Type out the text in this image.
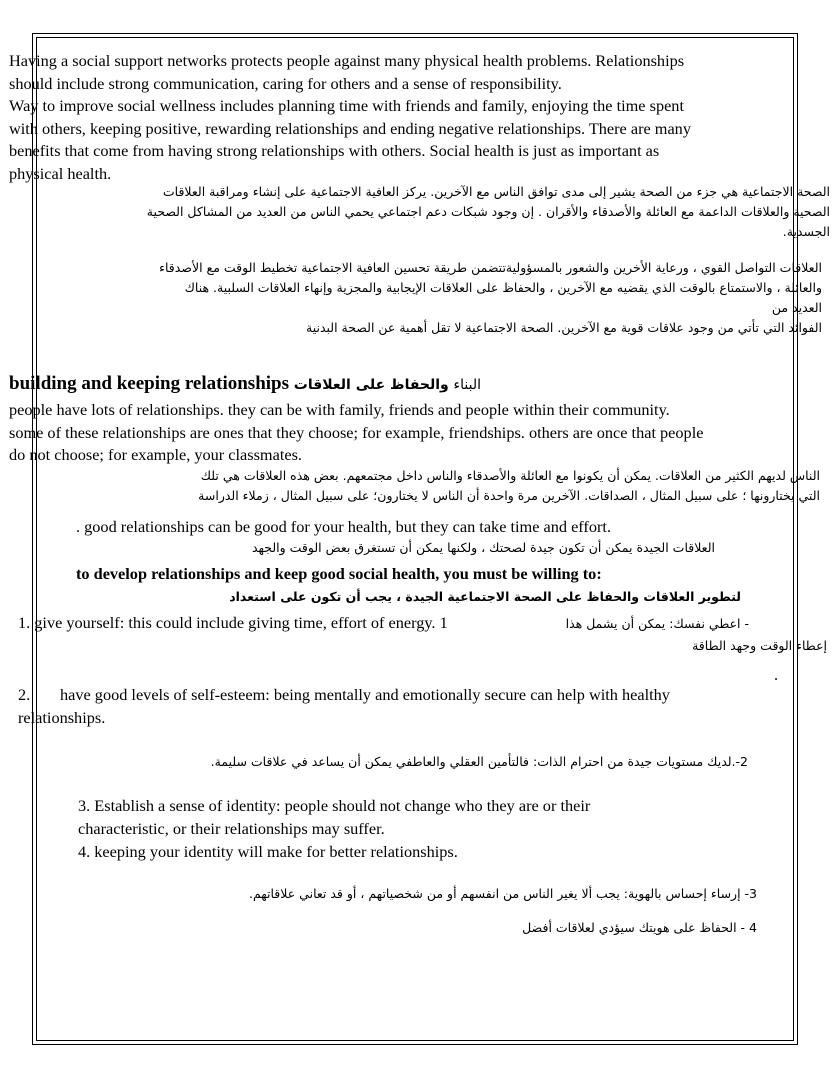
Having a social support networks protects people against many physical health problems. Relationships
should include strong communication, caring for others and a sense of responsibility.
Way to improve social wellness includes planning time with friends and family, enjoying the time spent
with others, keeping positive, rewarding relationships and ending negative relationships. There are many
benefits that come from having strong relationships with others. Social health is just as important as
physical health.
الصحة الاجتماعية هي جزء من الصحة يشير إلى مدى توافق الناس مع الآخرين. يركز العافية الاجتماعية على إنشاء ومراقبة العلاقات
الصحية والعلاقات الداعمة مع العائلة والأصدقاء والأقران . إن وجود شبكات دعم اجتماعي يحمي الناس من العديد من المشاكل الصحية
الجسدية.
العلاقات التواصل القوي ، ورعاية الأخرين والشعور بالمسؤوليةتتضمن طريقة تحسين العافية الاجتماعية تخطيط الوقت مع الأصدقاء
والعائلة ، والاستمتاع بالوقت الذي يقضيه مع الآخرين ، والحفاظ على العلاقات الإيجابية والمجزية وإنهاء العلاقات السلبية. هناك
العديد من
الفوائد التي تأتي من وجود علاقات قوية مع الآخرين. الصحة الاجتماعية لا تقل أهمية عن الصحة البدنية
building and keeping relationships والحفاظ على العلاقات البناء
people have lots of relationships. they can be with family, friends and people within their community.
some of these relationships are ones that they choose; for example, friendships. others are once that people
do not choose; for example, your classmates.
الناس لديهم الكثير من العلاقات. يمكن أن يكونوا مع العائلة والأصدقاء والناس داخل مجتمعهم. بعض هذه العلاقات هي تلك
التي يختارونها ؛ على سبيل المثال ، الصداقات. الآخرين مرة واحدة أن الناس لا يختارون؛ على سبيل المثال ، زملاء الدراسة
. good relationships can be good for your health, but they can take time and effort.
العلاقات الجيدة يمكن أن تكون جيدة لصحتك ، ولكنها يمكن أن تستغرق بعض الوقت والجهد
to develop relationships and keep good social health, you must be willing to:
لتطوير العلاقات والحفاظ على الصحة الاجتماعية الجيدة ، يجب أن تكون على استعداد
1. give yourself: this could include giving time, effort of energy. 1	- اعطي نفسك: يمكن أن يشمل هذا
إعطاء الوقت وجهد الطاقة
.
2.	have good levels of self-esteem: being mentally and emotionally secure can help with healthy
relationships.
2-.لديك مستويات جيدة من احترام الذات: فالتأمين العقلي والعاطفي يمكن أن يساعد في علاقات سليمة.
3. Establish a sense of identity: people should not change who they are or their
characteristic, or their relationships may suffer.
4. keeping your identity will make for better relationships.
3- إرساء إحساس بالهوية: يجب ألا يغير الناس من انفسهم أو من شخصياتهم ، أو قد تعاني علاقاتهم.
4 - الحفاظ على هويتك سيؤدي لعلاقات أفضل
